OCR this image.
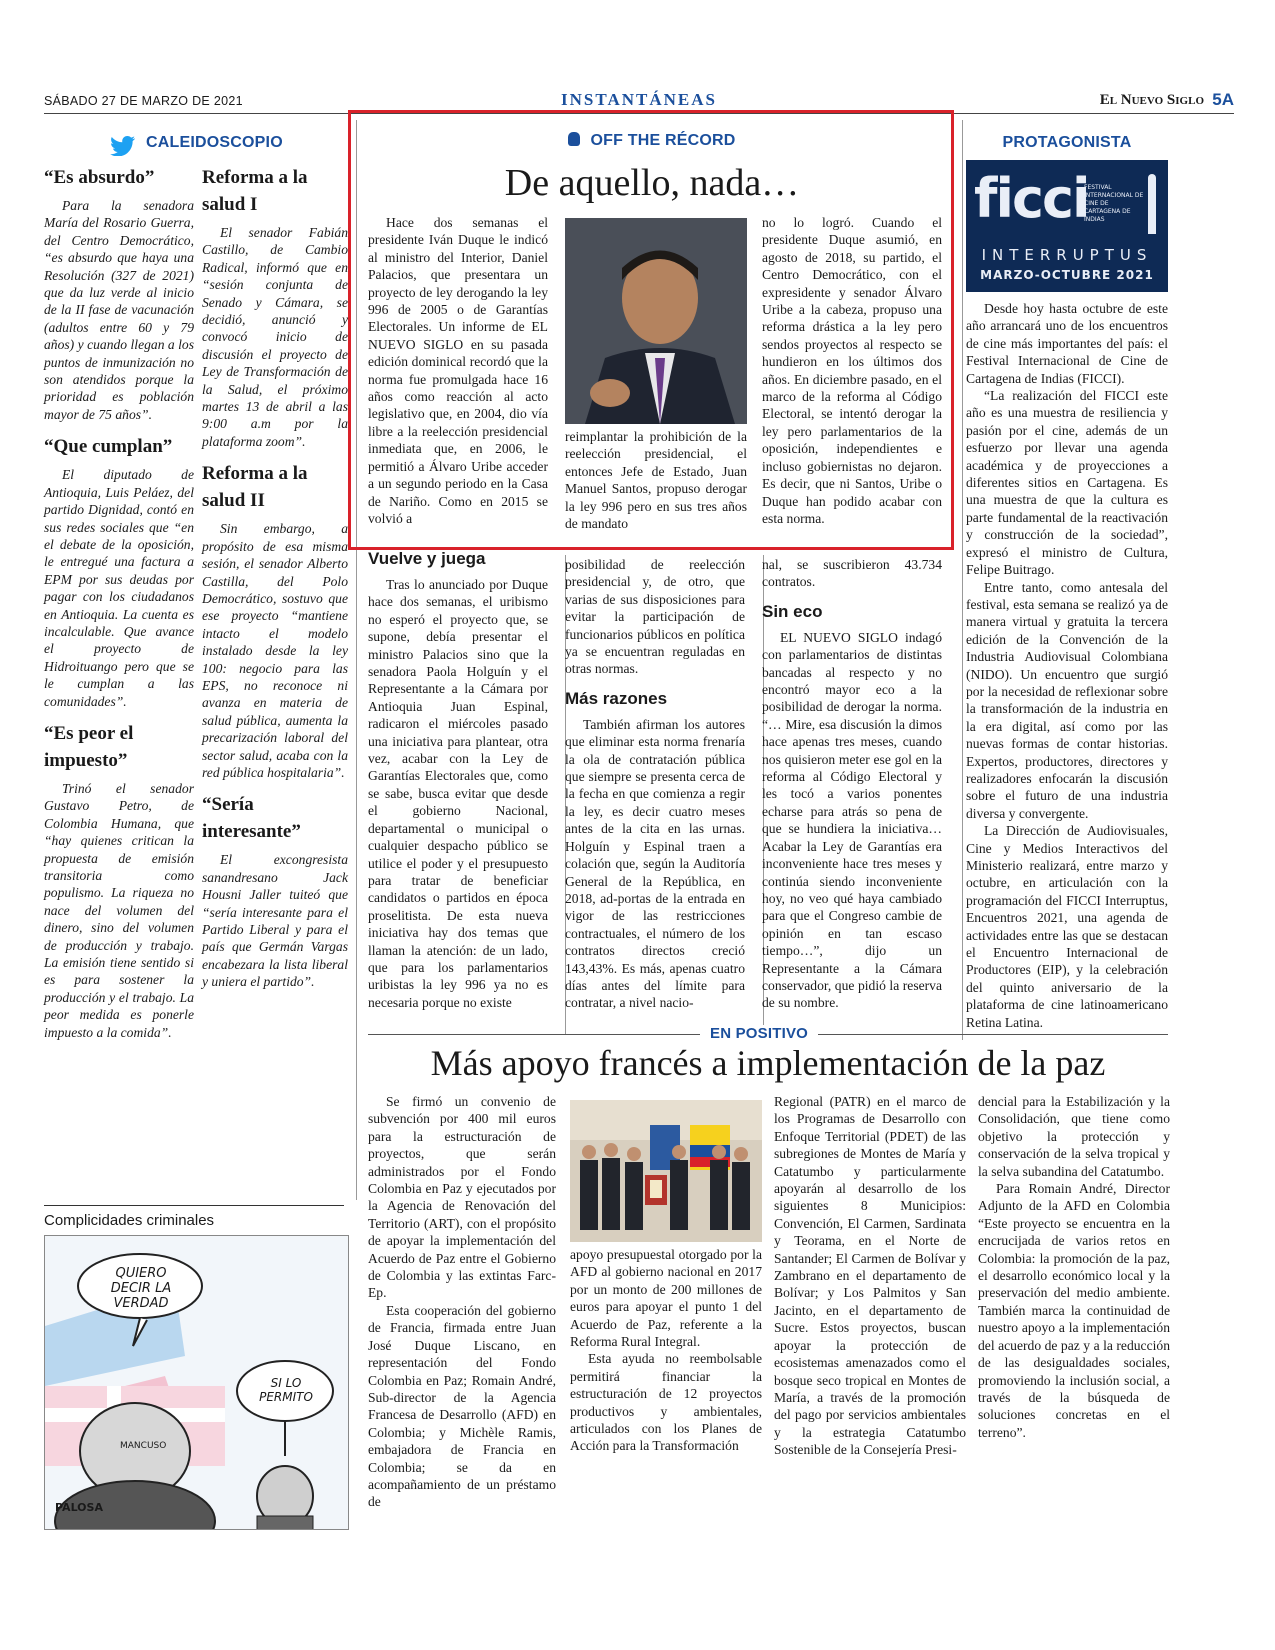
SÁBADO 27 DE MARZO DE 2021	INSTANTÁNEAS	El Nuevo Siglo 5A
CALEIDOSCOPIO
“Es absurdo”

Para la senadora María del Rosario Guerra, del Centro Democrático, “es absurdo que haya una Resolución (327 de 2021) que da luz verde al inicio de la II fase de vacunación (adultos entre 60 y 79 años) y cuando llegan a los puntos de inmunización no son atendidos porque la prioridad es población mayor de 75 años”.

“Que cumplan”

El diputado de Antioquia, Luis Peláez, del partido Dignidad, contó en sus redes sociales que “en el debate de la oposición, le entregué una factura a EPM por sus deudas por pagar con los ciudadanos en Antioquia. La cuenta es incalculable. Que avance el proyecto de Hidroituango pero que se le cumplan a las comunidades”.

“Es peor el impuesto”

Trinó el senador Gustavo Petro, de Colombia Humana, que “hay quienes critican la propuesta de emisión transitoria como populismo. La riqueza no nace del volumen del dinero, sino del volumen de producción y trabajo. La emisión tiene sentido si es para sostener la producción y el trabajo. La peor medida es ponerle impuesto a la comida”.

Reforma a la salud I

El senador Fabián Castillo, de Cambio Radical, informó que en “sesión conjunta de Senado y Cámara, se decidió, anunció y convocó inicio de discusión el proyecto de Ley de Transformación de la Salud, el próximo martes 13 de abril a las 9:00 a.m por la plataforma zoom”.

Reforma a la salud II

Sin embargo, a propósito de esa misma sesión, el senador Alberto Castilla, del Polo Democrático, sostuvo que ese proyecto “mantiene intacto el modelo instalado desde la ley 100: negocio para las EPS, no reconoce ni avanza en materia de salud pública, aumenta la precarización laboral del sector salud, acaba con la red pública hospitalaria”.

“Sería interesante”

El excongresista sanandresano Jack Housni Jaller tuiteó que “sería interesante para el Partido Liberal y para el país que Germán Vargas encabezara la lista liberal y uniera el partido”.

Complicidades criminales
QUIERO DECIR LA VERDAD
SI LO PERMITO
MANCUSO
PALOSA
OFF THE RÉCORD
De aquello, nada…

Hace dos semanas el presidente Iván Duque le indicó al ministro del Interior, Daniel Palacios, que presentara un proyecto de ley derogando la ley 996 de 2005 o de Garantías Electorales. Un informe de EL NUEVO SIGLO en su pasada edición dominical recordó que la norma fue promulgada hace 16 años como reacción al acto legislativo que, en 2004, dio vía libre a la reelección presidencial inmediata que, en 2006, le permitió a Álvaro Uribe acceder a un segundo periodo en la Casa de Nariño. Como en 2015 se volvió a

reimplantar la prohibición de la reelección presidencial, el entonces Jefe de Estado, Juan Manuel Santos, propuso derogar la ley 996 pero en sus tres años de mandato

no lo logró. Cuando el presidente Duque asumió, en agosto de 2018, su partido, el Centro Democrático, con el expresidente y senador Álvaro Uribe a la cabeza, propuso una reforma drástica a la ley pero sendos proyectos al respecto se hundieron en los últimos dos años. En diciembre pasado, en el marco de la reforma al Código Electoral, se intentó derogar la ley pero parlamentarios de la oposición, independientes e incluso gobiernistas no dejaron. Es decir, que ni Santos, Uribe o Duque han podido acabar con esta norma.

Vuelve y juega

Tras lo anunciado por Duque hace dos semanas, el uribismo no esperó el proyecto que, se supone, debía presentar el ministro Palacios sino que la senadora Paola Holguín y el Representante a la Cámara por Antioquia Juan Espinal, radicaron el miércoles pasado una iniciativa para plantear, otra vez, acabar con la Ley de Garantías Electorales que, como se sabe, busca evitar que desde el gobierno Nacional, departamental o municipal o cualquier despacho público se utilice el poder y el presupuesto para tratar de beneficiar candidatos o partidos en época proselitista. De esta nueva iniciativa hay dos temas que llaman la atención: de un lado, que para los parlamentarios uribistas la ley 996 ya no es necesaria porque no existe

posibilidad de reelección presidencial y, de otro, que varias de sus disposiciones para evitar la participación de funcionarios públicos en política ya se encuentran reguladas en otras normas.

Más razones

También afirman los autores que eliminar esta norma frenaría la ola de contratación pública que siempre se presenta cerca de la fecha en que comienza a regir la ley, es decir cuatro meses antes de la cita en las urnas. Holguín y Espinal traen a colación que, según la Auditoría General de la República, en 2018, ad-portas de la entrada en vigor de las restricciones contractuales, el número de los contratos directos creció 143,43%. Es más, apenas cuatro días antes del límite para contratar, a nivel nacio-

nal, se suscribieron 43.734 contratos.

Sin eco

EL NUEVO SIGLO indagó con parlamentarios de distintas bancadas al respecto y no encontró mayor eco a la posibilidad de derogar la norma. “… Mire, esa discusión la dimos hace apenas tres meses, cuando nos quisieron meter ese gol en la reforma al Código Electoral y les tocó a varios ponentes echarse para atrás so pena de que se hundiera la iniciativa… Acabar la Ley de Garantías era inconveniente hace tres meses y continúa siendo inconveniente hoy, no veo qué haya cambiado para que el Congreso cambie de opinión en tan escaso tiempo…”, dijo un Representante a la Cámara conservador, que pidió la reserva de su nombre.

PROTAGONISTA
ficci
FESTIVAL INTERNACIONAL DE CINE DE CARTAGENA DE INDIAS
INTERRUPTUS
MARZO-OCTUBRE 2021

Desde hoy hasta octubre de este año arrancará uno de los encuentros de cine más importantes del país: el Festival Internacional de Cine de Cartagena de Indias (FICCI).

“La realización del FICCI este año es una muestra de resiliencia y pasión por el cine, además de un esfuerzo por llevar una agenda académica y de proyecciones a diferentes sitios en Cartagena. Es una muestra de que la cultura es parte fundamental de la reactivación y construcción de la sociedad”, expresó el ministro de Cultura, Felipe Buitrago.

Entre tanto, como antesala del festival, esta semana se realizó ya de manera virtual y gratuita la tercera edición de la Convención de la Industria Audiovisual Colombiana (NIDO). Un encuentro que surgió por la necesidad de reflexionar sobre la transformación de la industria en la era digital, así como por las nuevas formas de contar historias. Expertos, productores, directores y realizadores enfocarán la discusión sobre el futuro de una industria diversa y convergente.

La Dirección de Audiovisuales, Cine y Medios Interactivos del Ministerio realizará, entre marzo y octubre, en articulación con la programación del FICCI Interruptus, Encuentros 2021, una agenda de actividades entre las que se destacan el Encuentro Internacional de Productores (EIP), y la celebración del quinto aniversario de la plataforma de cine latinoamericano Retina Latina.

EN POSITIVO
Más apoyo francés a implementación de la paz

Se firmó un convenio de subvención por 400 mil euros para la estructuración de proyectos, que serán administrados por el Fondo Colombia en Paz y ejecutados por la Agencia de Renovación del Territorio (ART), con el propósito de apoyar la implementación del Acuerdo de Paz entre el Gobierno de Colombia y las extintas Farc-Ep.

Esta cooperación del gobierno de Francia, firmada entre Juan José Duque Liscano, en representación del Fondo Colombia en Paz; Romain André, Sub-director de la Agencia Francesa de Desarrollo (AFD) en Colombia; y Michèle Ramis, embajadora de Francia en Colombia; se da en acompañamiento de un préstamo de

apoyo presupuestal otorgado por la AFD al gobierno nacional en 2017 por un monto de 200 millones de euros para apoyar el punto 1 del Acuerdo de Paz, referente a la Reforma Rural Integral.

Esta ayuda no reembolsable permitirá financiar la estructuración de 12 proyectos productivos y ambientales, articulados con los Planes de Acción para la Transformación

Regional (PATR) en el marco de los Programas de Desarrollo con Enfoque Territorial (PDET) de las subregiones de Montes de María y Catatumbo y particularmente apoyarán al desarrollo de los siguientes 8 Municipios: Convención, El Carmen, Sardinata y Teorama, en el Norte de Santander; El Carmen de Bolívar y Zambrano en el departamento de Bolívar; y Los Palmitos y San Jacinto, en el departamento de Sucre. Estos proyectos, buscan apoyar la protección de ecosistemas amenazados como el bosque seco tropical en Montes de María, a través de la promoción del pago por servicios ambientales y la estrategia Catatumbo Sostenible de la Consejería Presi-

dencial para la Estabilización y la Consolidación, que tiene como objetivo la protección y conservación de la selva tropical y la selva subandina del Catatumbo.

Para Romain André, Director Adjunto de la AFD en Colombia “Este proyecto se encuentra en la encrucijada de varios retos en Colombia: la promoción de la paz, el desarrollo económico local y la preservación del medio ambiente. También marca la continuidad de nuestro apoyo a la implementación del acuerdo de paz y a la reducción de las desigualdades sociales, promoviendo la inclusión social, a través de la búsqueda de soluciones concretas en el terreno”.
